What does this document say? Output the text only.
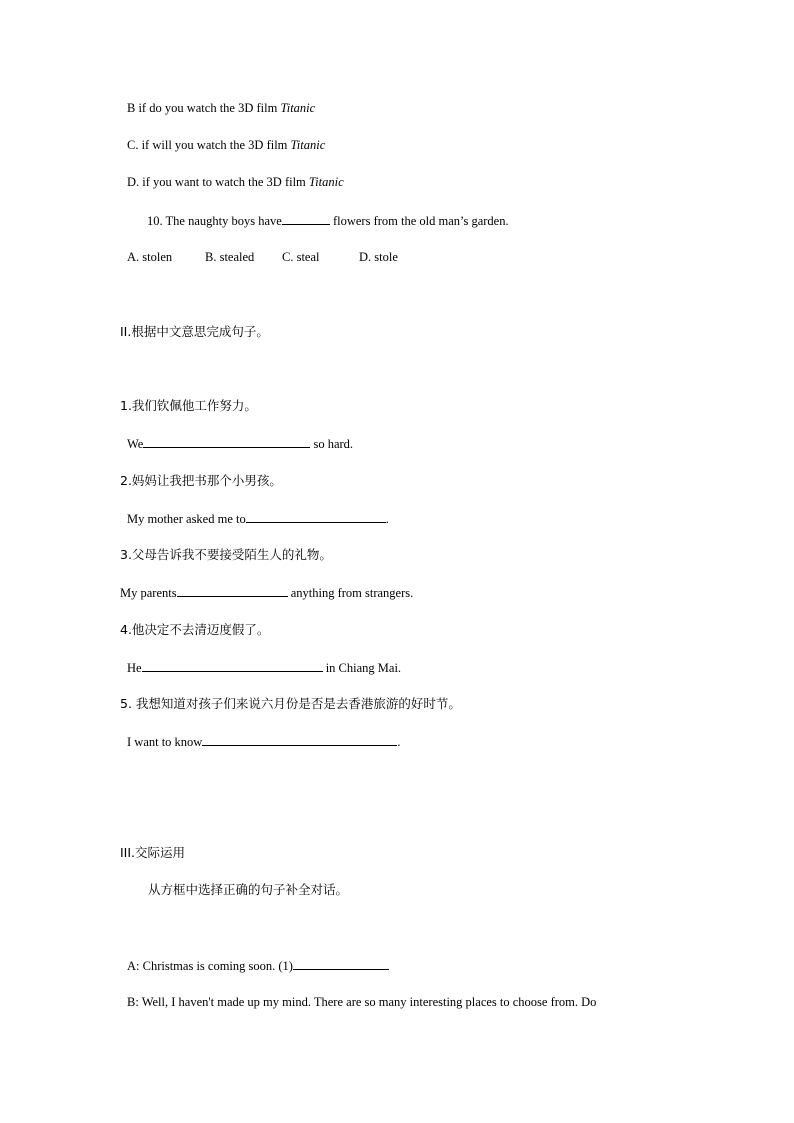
B if do you watch the 3D film Titanic
C. if will you watch the 3D film Titanic
D. if you want to watch the 3D film Titanic
10. The naughty boys have	flowers from the old man’s garden.
A. stolen	B. stealed C. steal	D. stole
II.根据中文意思完成句子。
1.我们钦佩他工作努力。
We	so hard.
2.妈妈让我把书那个小男孩。
My mother asked me to	.
3.父母告诉我不要接受陌生人的礼物。
My parents	anything from strangers.
4.他决定不去清迈度假了。
He	in Chiang Mai.
5. 我想知道对孩子们来说六月份是否是去香港旅游的好时节。
I want to know	.
III.交际运用
从方框中选择正确的句子补全对话。
A: Christmas is coming soon. (1)
B: Well, I haven't made up my mind. There are so many interesting places to choose from. Do
